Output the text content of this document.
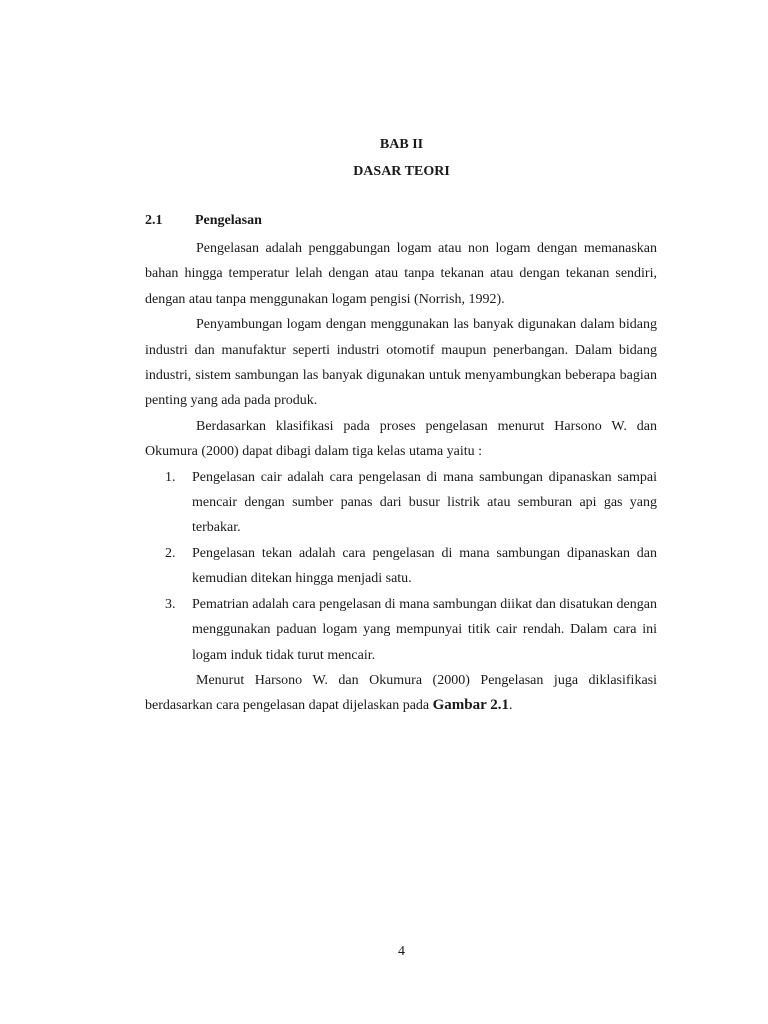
BAB II
DASAR TEORI
2.1 Pengelasan

Pengelasan adalah penggabungan logam atau non logam dengan memanaskan bahan hingga temperatur lelah dengan atau tanpa tekanan atau dengan tekanan sendiri, dengan atau tanpa menggunakan logam pengisi (Norrish, 1992).

Penyambungan logam dengan menggunakan las banyak digunakan dalam bidang industri dan manufaktur seperti industri otomotif maupun penerbangan. Dalam bidang industri, sistem sambungan las banyak digunakan untuk menyambungkan beberapa bagian penting yang ada pada produk.

Berdasarkan klasifikasi pada proses pengelasan menurut Harsono W. dan Okumura (2000) dapat dibagi dalam tiga kelas utama yaitu :

1. Pengelasan cair adalah cara pengelasan di mana sambungan dipanaskan sampai mencair dengan sumber panas dari busur listrik atau semburan api gas yang terbakar.
2. Pengelasan tekan adalah cara pengelasan di mana sambungan dipanaskan dan kemudian ditekan hingga menjadi satu.
3. Pematrian adalah cara pengelasan di mana sambungan diikat dan disatukan dengan menggunakan paduan logam yang mempunyai titik cair rendah. Dalam cara ini logam induk tidak turut mencair.

Menurut Harsono W. dan Okumura (2000) Pengelasan juga diklasifikasi berdasarkan cara pengelasan dapat dijelaskan pada Gambar 2.1.

4
